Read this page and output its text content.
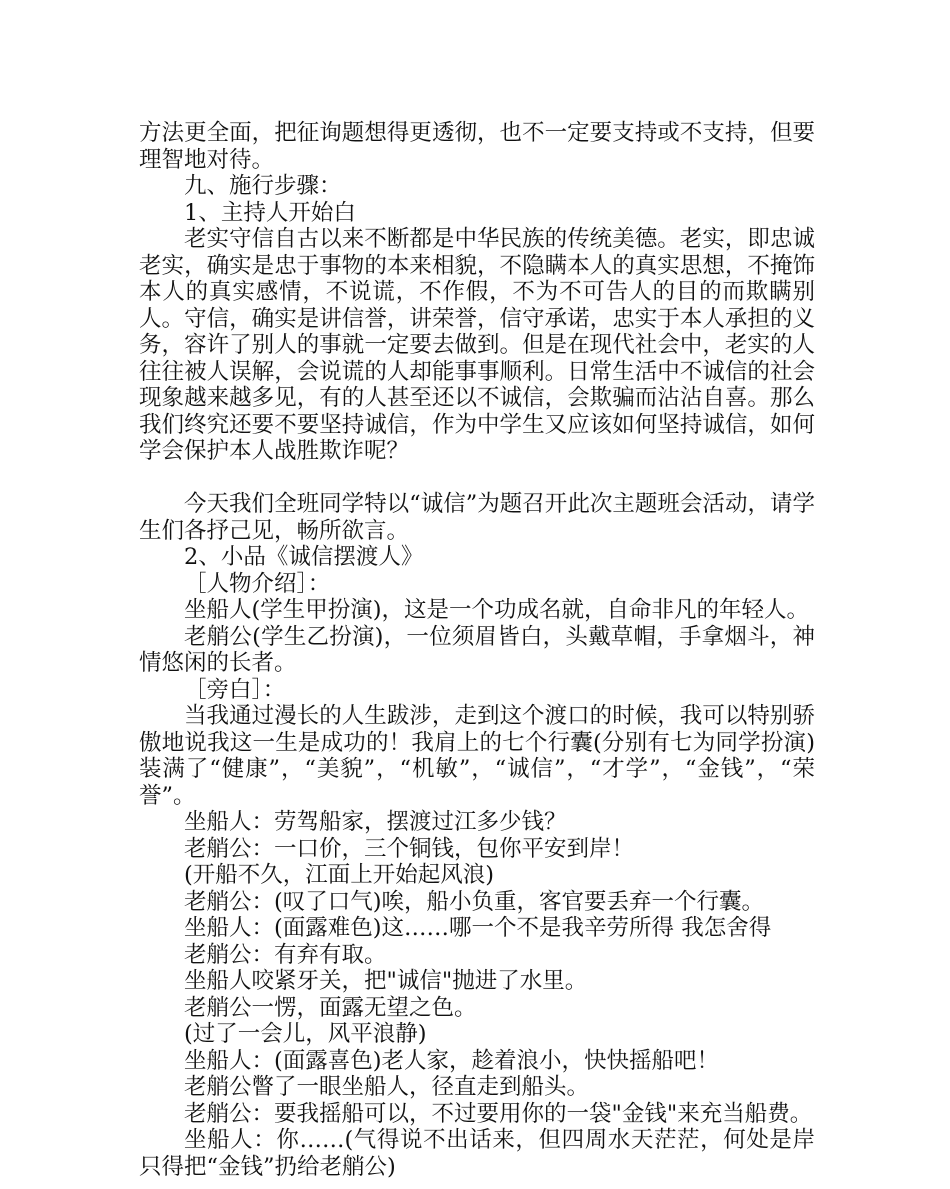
方法更全面，把征询题想得更透彻，也不一定要支持或不支持，但要理智地对待。

九、施行步骤：

1、主持人开始白

老实守信自古以来不断都是中华民族的传统美德。老实，即忠诚老实，确实是忠于事物的本来相貌，不隐瞒本人的真实思想，不掩饰本人的真实感情，不说谎，不作假，不为不可告人的目的而欺瞒别人。守信，确实是讲信誉，讲荣誉，信守承诺，忠实于本人承担的义务，容许了别人的事就一定要去做到。但是在现代社会中，老实的人往往被人误解，会说谎的人却能事事顺利。日常生活中不诚信的社会现象越来越多见，有的人甚至还以不诚信，会欺骗而沾沾自喜。那么我们终究还要不要坚持诚信，作为中学生又应该如何坚持诚信，如何学会保护本人战胜欺诈呢？

今天我们全班同学特以“诚信”为题召开此次主题班会活动，请学生们各抒己见，畅所欲言。

2、小品《诚信摆渡人》

［人物介绍］：

坐船人(学生甲扮演)，这是一个功成名就，自命非凡的年轻人。

老艄公(学生乙扮演)，一位须眉皆白，头戴草帽，手拿烟斗，神情悠闲的长者。

［旁白］：

当我通过漫长的人生跋涉，走到这个渡口的时候，我可以特别骄傲地说我这一生是成功的！我肩上的七个行囊(分别有七为同学扮演)装满了“健康”，“美貌”，“机敏”，“诚信”，“才学”，“金钱”，“荣誉”。

坐船人：劳驾船家，摆渡过江多少钱？

老艄公：一口价，三个铜钱，包你平安到岸！

(开船不久，江面上开始起风浪)

老艄公：(叹了口气)唉，船小负重，客官要丢弃一个行囊。

坐船人：(面露难色)这……哪一个不是我辛劳所得 我怎舍得

老艄公：有弃有取。

坐船人咬紧牙关，把"诚信"抛进了水里。

老艄公一愣，面露无望之色。

(过了一会儿，风平浪静)

坐船人：(面露喜色)老人家，趁着浪小，快快摇船吧！

老艄公瞥了一眼坐船人，径直走到船头。

老艄公：要我摇船可以，不过要用你的一袋"金钱"来充当船费。

坐船人：你……(气得说不出话来，但四周水天茫茫，何处是岸只得把“金钱”扔给老艄公)
